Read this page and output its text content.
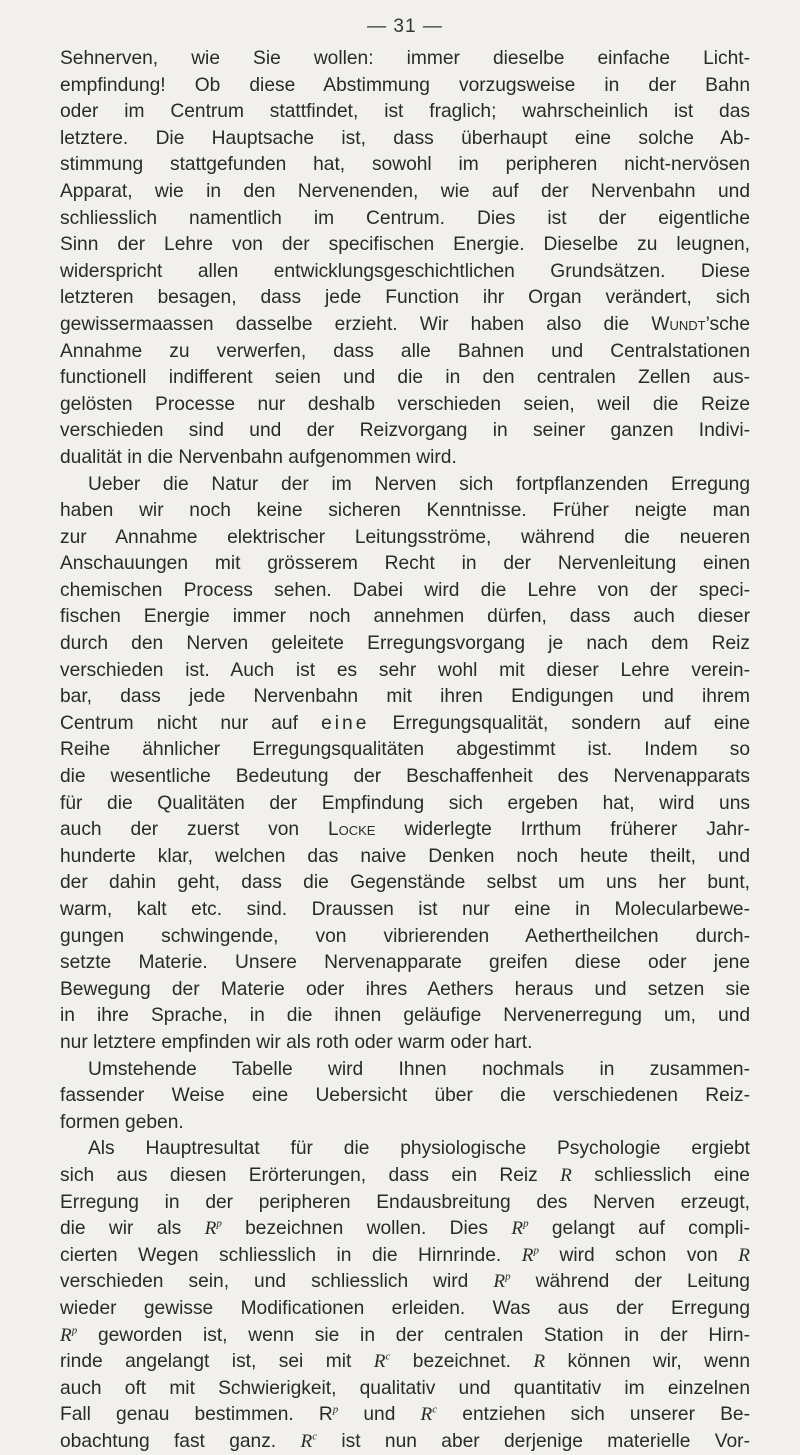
— 31 —
Sehnerven, wie Sie wollen: immer dieselbe einfache Licht-
empfindung! Ob diese Abstimmung vorzugsweise in der Bahn
oder im Centrum stattfindet, ist fraglich; wahrscheinlich ist das
letztere. Die Hauptsache ist, dass überhaupt eine solche Ab-
stimmung stattgefunden hat, sowohl im peripheren nicht-nervösen
Apparat, wie in den Nervenenden, wie auf der Nervenbahn und
schliesslich namentlich im Centrum. Dies ist der eigentliche
Sinn der Lehre von der specifischen Energie. Dieselbe zu leugnen,
widerspricht allen entwicklungsgeschichtlichen Grundsätzen. Diese
letzteren besagen, dass jede Function ihr Organ verändert, sich
gewissermaassen dasselbe erzieht. Wir haben also die Wundt’sche
Annahme zu verwerfen, dass alle Bahnen und Centralstationen
functionell indifferent seien und die in den centralen Zellen aus-
gelösten Processe nur deshalb verschieden seien, weil die Reize
verschieden sind und der Reizvorgang in seiner ganzen Indivi-
dualität in die Nervenbahn aufgenommen wird.
Ueber die Natur der im Nerven sich fortpflanzenden Erregung
haben wir noch keine sicheren Kenntnisse. Früher neigte man
zur Annahme elektrischer Leitungsströme, während die neueren
Anschauungen mit grösserem Recht in der Nervenleitung einen
chemischen Process sehen. Dabei wird die Lehre von der speci-
fischen Energie immer noch annehmen dürfen, dass auch dieser
durch den Nerven geleitete Erregungsvorgang je nach dem Reiz
verschieden ist. Auch ist es sehr wohl mit dieser Lehre verein-
bar, dass jede Nervenbahn mit ihren Endigungen und ihrem
Centrum nicht nur auf eine Erregungsqualität, sondern auf eine
Reihe ähnlicher Erregungsqualitäten abgestimmt ist. Indem so
die wesentliche Bedeutung der Beschaffenheit des Nervenapparats
für die Qualitäten der Empfindung sich ergeben hat, wird uns
auch der zuerst von Locke widerlegte Irrthum früherer Jahr-
hunderte klar, welchen das naive Denken noch heute theilt, und
der dahin geht, dass die Gegenstände selbst um uns her bunt,
warm, kalt etc. sind. Draussen ist nur eine in Molecularbewe-
gungen schwingende, von vibrierenden Aethertheilchen durch-
setzte Materie. Unsere Nervenapparate greifen diese oder jene
Bewegung der Materie oder ihres Aethers heraus und setzen sie
in ihre Sprache, in die ihnen geläufige Nervenerregung um, und
nur letztere empfinden wir als roth oder warm oder hart.
Umstehende Tabelle wird Ihnen nochmals in zusammen-
fassender Weise eine Uebersicht über die verschiedenen Reiz-
formen geben.
Als Hauptresultat für die physiologische Psychologie ergiebt
sich aus diesen Erörterungen, dass ein Reiz R schliesslich eine
Erregung in der peripheren Endausbreitung des Nerven erzeugt,
die wir als $R^p$ bezeichnen wollen. Dies $R^p$ gelangt auf compli-
cierten Wegen schliesslich in die Hirnrinde. $R^p$ wird schon von R
verschieden sein, und schliesslich wird $R^p$ während der Leitung
wieder gewisse Modificationen erleiden. Was aus der Erregung
$R^p$ geworden ist, wenn sie in der centralen Station in der Hirn-
rinde angelangt ist, sei mit $R^c$ bezeichnet. R können wir, wenn
auch oft mit Schwierigkeit, qualitativ und quantitativ im einzelnen
Fall genau bestimmen. $R^p$ und $R^c$ entziehen sich unserer Be-
obachtung fast ganz. $R^c$ ist nun aber derjenige materielle Vor-
